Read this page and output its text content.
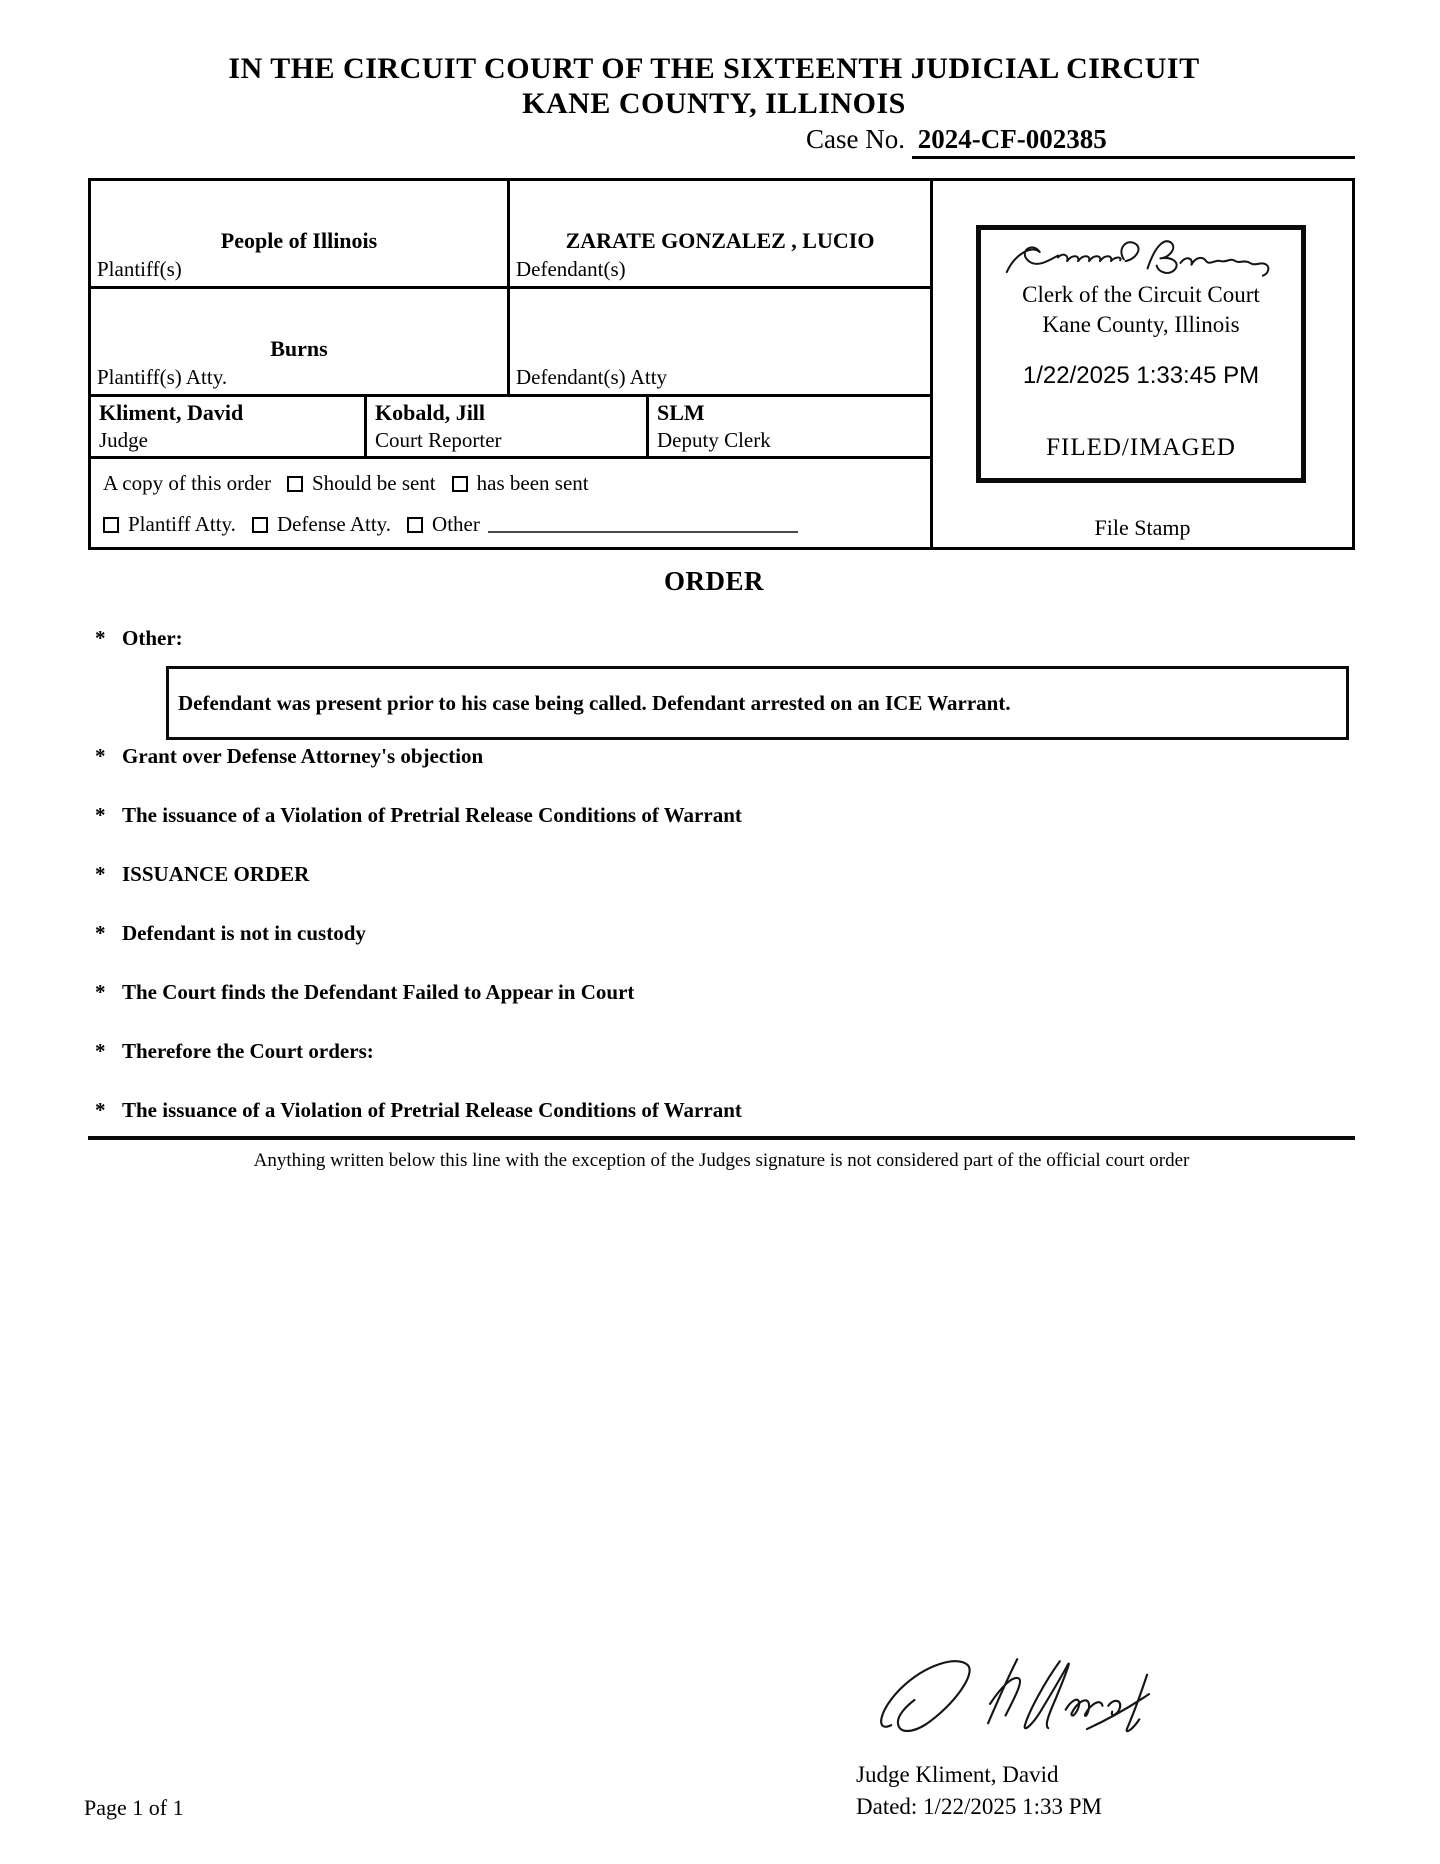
IN THE CIRCUIT COURT OF THE SIXTEENTH JUDICIAL CIRCUIT
KANE COUNTY, ILLINOIS
Case No. 2024-CF-002385
People of Illinois
Plantiff(s)
ZARATE GONZALEZ , LUCIO
Defendant(s)
Burns
Plantiff(s) Atty.	Defendant(s) Atty
Kliment, David
Judge
Kobald, Jill
Court Reporter
SLM
Deputy Clerk
A copy of this order Should be sent has been sent
Plantiff Atty. Defense Atty. Other
Clerk of the Circuit Court
Kane County, Illinois
1/22/2025 1:33:45 PM
FILED/IMAGED
File Stamp
ORDER
* Other:
Defendant was present prior to his case being called. Defendant arrested on an ICE Warrant.
* Grant over Defense Attorney's objection
* The issuance of a Violation of Pretrial Release Conditions of Warrant
* ISSUANCE ORDER
* Defendant is not in custody
* The Court finds the Defendant Failed to Appear in Court
* Therefore the Court orders:
* The issuance of a Violation of Pretrial Release Conditions of Warrant
Anything written below this line with the exception of the Judges signature is not considered part of the official court order
Judge Kliment, David
Dated: 1/22/2025 1:33 PM
Page 1 of 1
